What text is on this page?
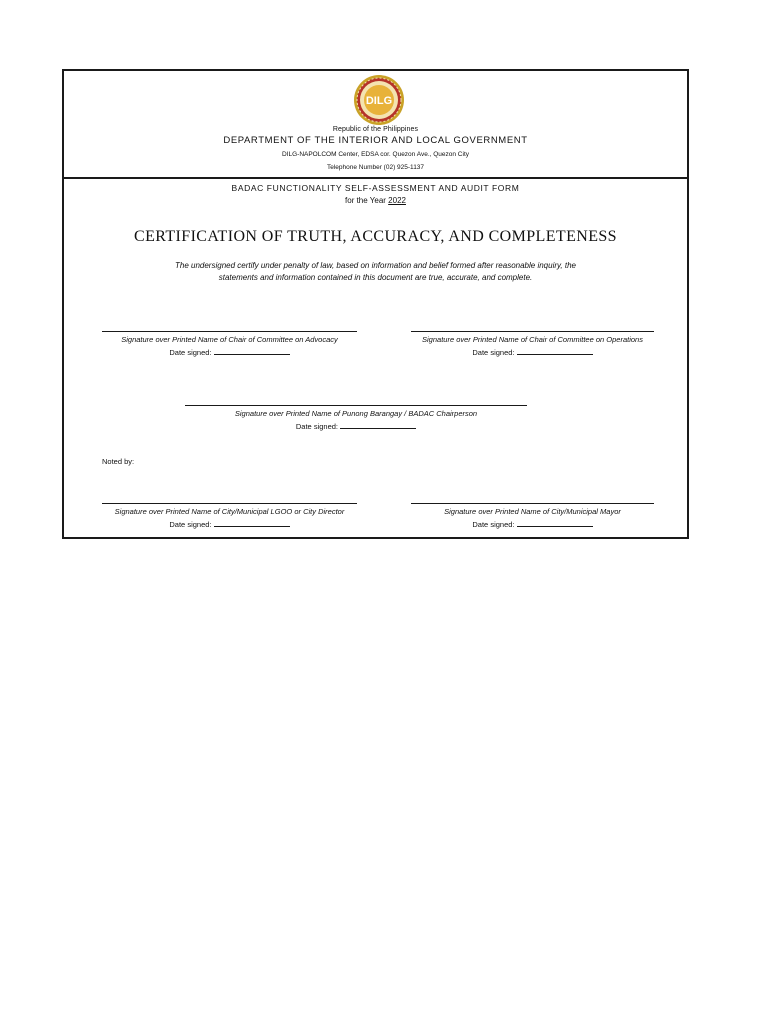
DILG
Republic of the Philippines
DEPARTMENT OF THE INTERIOR AND LOCAL GOVERNMENT
DILG-NAPOLCOM Center, EDSA cor. Quezon Ave., Quezon City
Telephone Number (02) 925-1137
BADAC FUNCTIONALITY SELF-ASSESSMENT AND AUDIT FORM
for the Year 2022
CERTIFICATION OF TRUTH, ACCURACY, AND COMPLETENESS
The undersigned certify under penalty of law, based on information and belief formed after reasonable inquiry, the
statements and information contained in this document are true, accurate, and complete.
Signature over Printed Name of Chair of Committee on Advocacy
Date signed:
Signature over Printed Name of Chair of Committee on Operations
Date signed:
Signature over Printed Name of Punong Barangay / BADAC Chairperson
Date signed:
Noted by:
Signature over Printed Name of City/Municipal LGOO or City Director
Date signed:
Signature over Printed Name of City/Municipal Mayor
Date signed:
